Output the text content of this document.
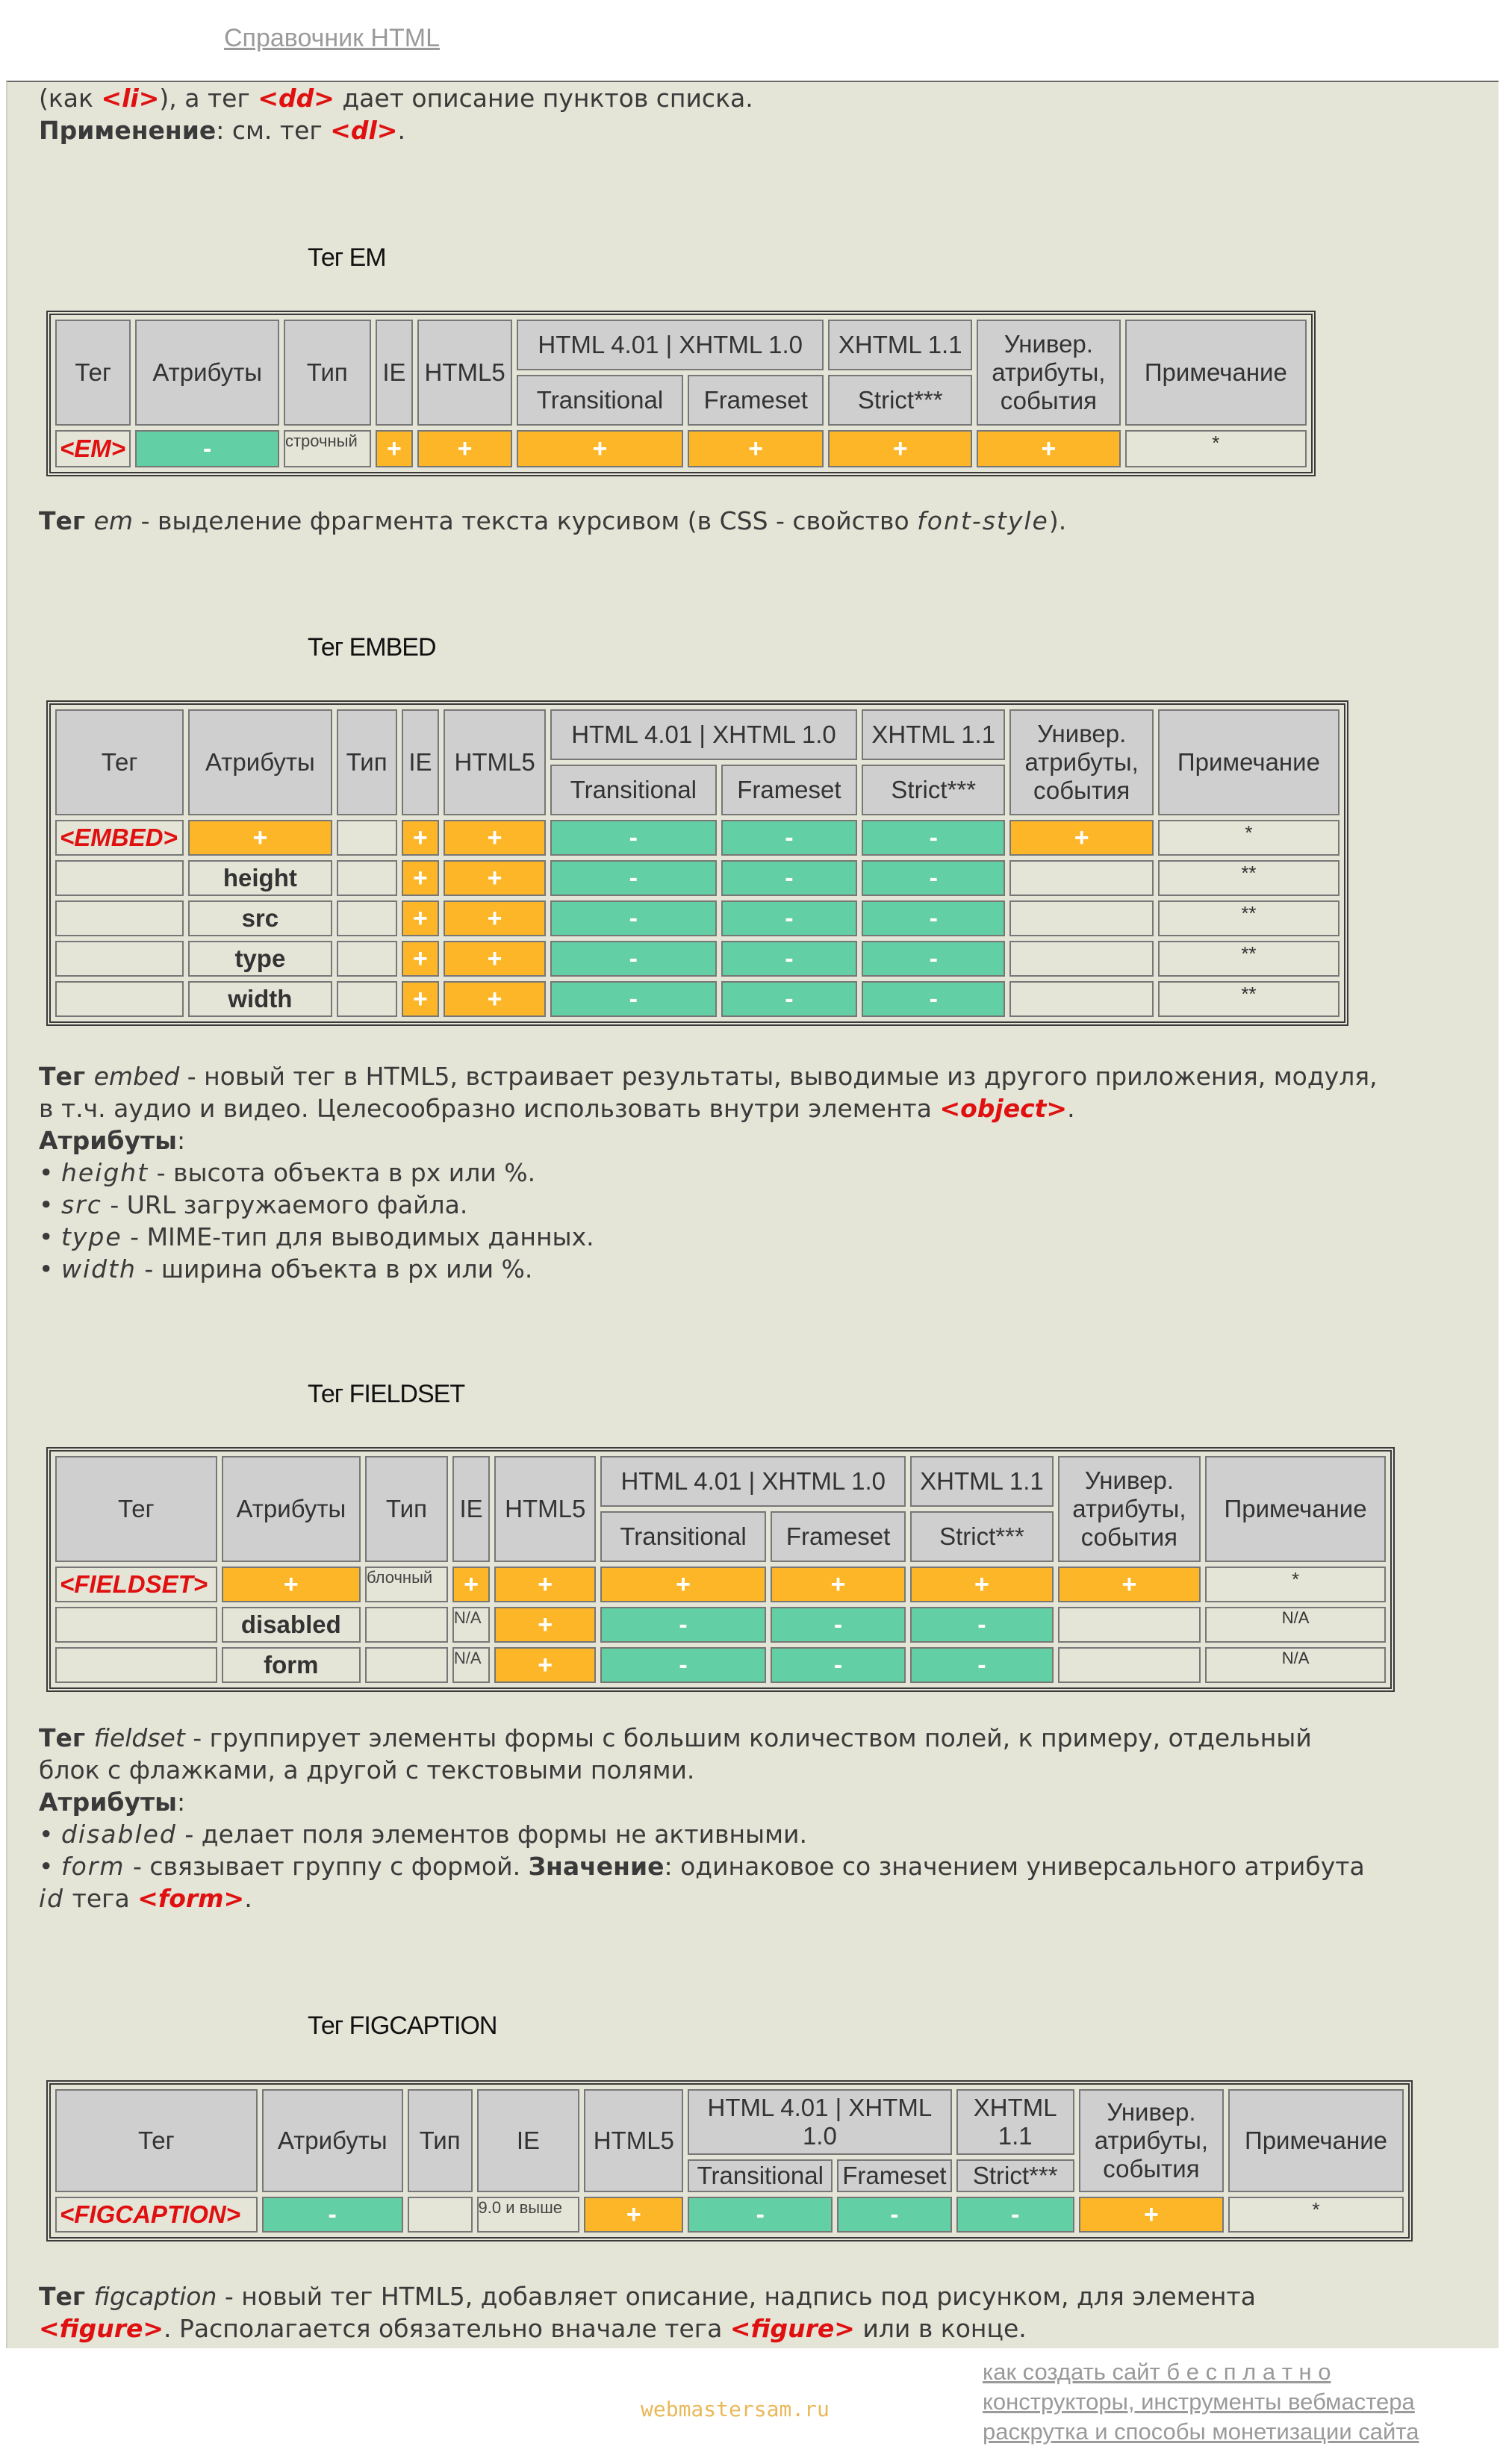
Справочник HTML
(как <li>), а тег <dd> дает описание пунктов списка.
Применение: см. тег <dl>.
Тег EM
Тег	Атрибуты	Тип	IE	HTML5	HTML 4.01 | XHTML 1.0		XHTML 1.1	Универ. атрибуты, события	Примечание
					Transitional	Frameset	Strict***		
<EM>	-	строчный	+	+	+	+	+	+	*
Тег em - выделение фрагмента текста курсивом (в CSS - свойство font-style).
Тег EMBED
Тег	Атрибуты	Тип	IE	HTML5	HTML 4.01 | XHTML 1.0		XHTML 1.1	Универ. атрибуты, события	Примечание
					Transitional	Frameset	Strict***		
<EMBED>	+		+	+	-	-	-	+	*
	height		+	+	-	-	-		**
	src		+	+	-	-	-		**
	type		+	+	-	-	-		**
	width		+	+	-	-	-		**
Тег embed - новый тег в HTML5, встраивает результаты, выводимые из другого приложения, модуля,
в т.ч. аудио и видео. Целесообразно использовать внутри элемента <object>.
Атрибуты:
• height - высота объекта в px или %.
• src - URL загружаемого файла.
• type - MIME-тип для выводимых данных.
• width - ширина объекта в px или %.
Тег FIELDSET
Тег	Атрибуты	Тип	IE	HTML5	HTML 4.01 | XHTML 1.0		XHTML 1.1	Универ. атрибуты, события	Примечание
					Transitional	Frameset	Strict***		
<FIELDSET>	+	блочный	+	+	+	+	+	+	*
	disabled		N/A	+	-	-	-		N/A
	form		N/A	+	-	-	-		N/A
Тег fieldset - группирует элементы формы с большим количеством полей, к примеру, отдельный
блок с флажками, а другой с текстовыми полями.
Атрибуты:
• disabled - делает поля элементов формы не активными.
• form - связывает группу с формой. Значение: одинаковое со значением универсального атрибута
id тега <form>.
Тег FIGCAPTION
Тег	Атрибуты	Тип	IE	HTML5	HTML 4.01 | XHTML 1.0		XHTML 1.1	Универ. атрибуты, события	Примечание
					Transitional	Frameset	Strict***		
<FIGCAPTION>	-		9.0 и выше	+	-	-	-	+	*
Тег figcaption - новый тег HTML5, добавляет описание, надпись под рисунком, для элемента
<figure>. Располагается обязательно вначале тега <figure> или в конце.
webmastersam.ru
как создать сайт б е с п л а т н о
конструкторы, инструменты вебмастера
раскрутка и способы монетизации сайта
